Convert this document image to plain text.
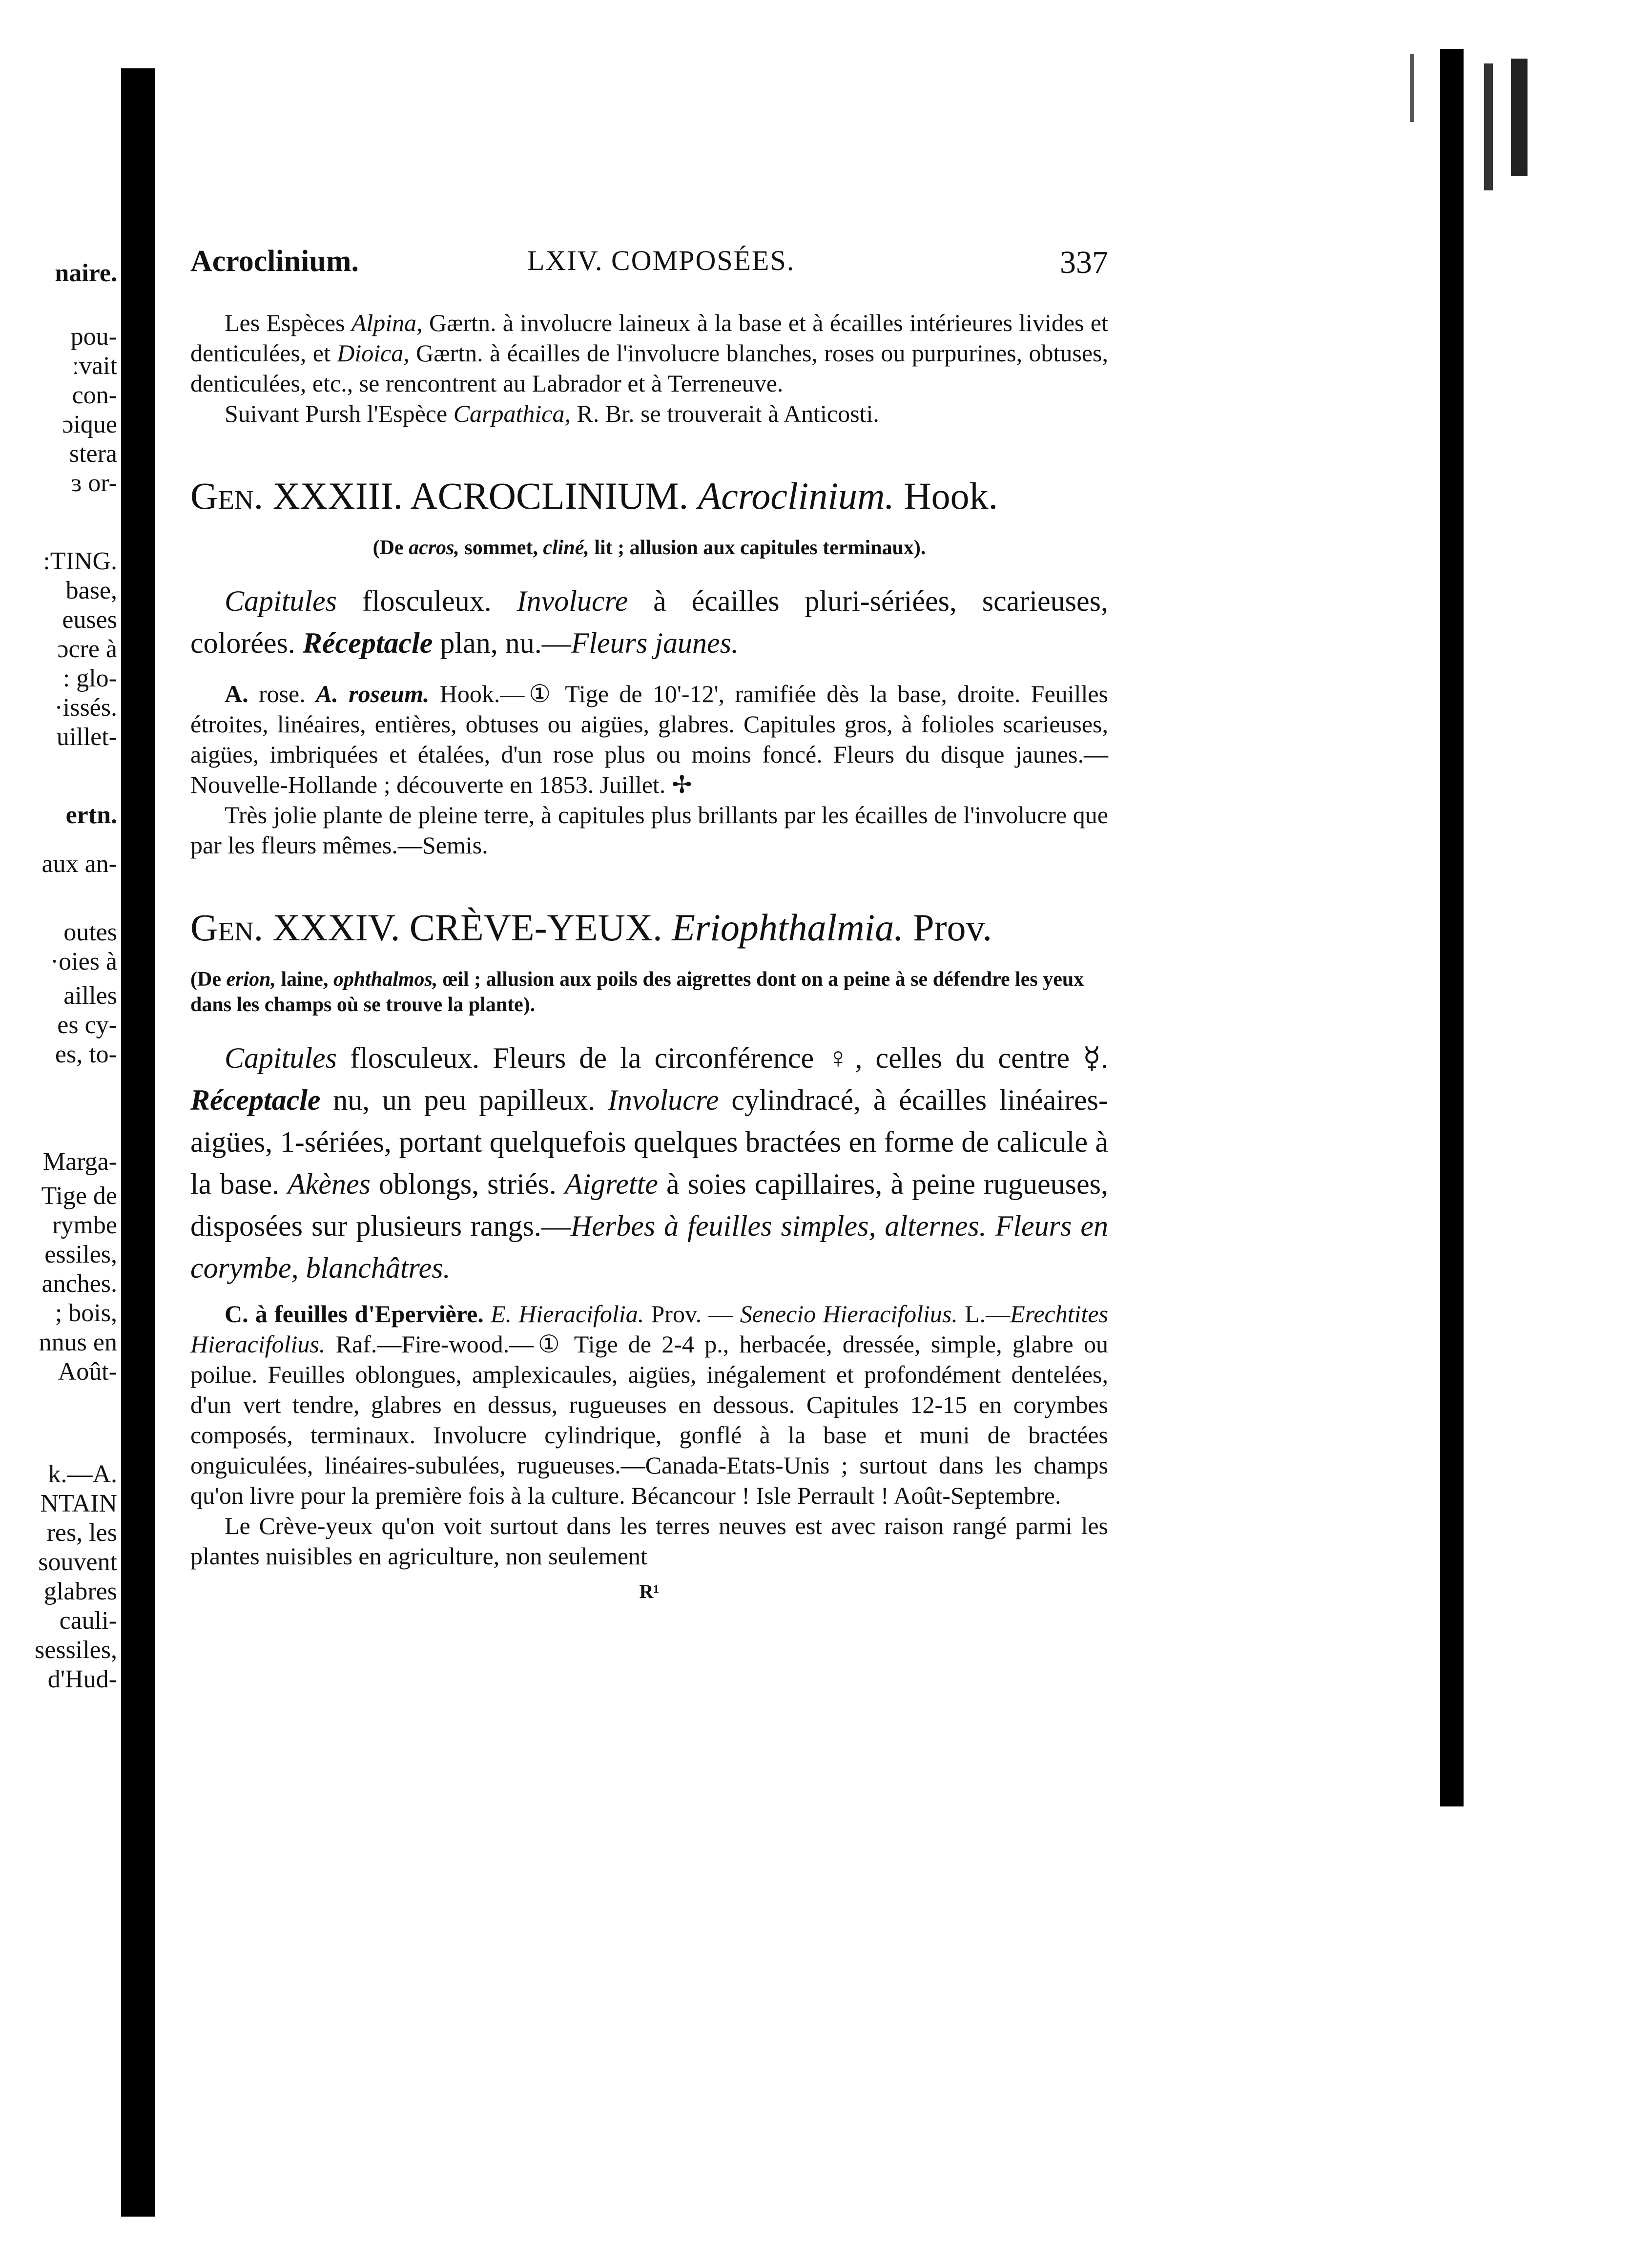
naire.
pou-
ːvait
con-
ɔique
stera
ɜ or-
:TING.
base,
euses
ɔcre à
: glo-
·issés.
uillet-
ertn.
aux an-
outes
·oies à
ailles
es cy-
es, to-
Marga-
Tige de
rymbe
essiles,
anches.
; bois,
nnus en
Août-
k.—A.
NTAIN
res, les
souvent
glabres
cauli-
sessiles,
d'Hud-
Acroclinium.	LXIV. COMPOSÉES.	337

Les Espèces Alpina, Gærtn. à involucre laineux à la base et à écailles intérieures livides et denticulées, et Dioica, Gærtn. à écailles de l'involucre blanches, roses ou purpurines, obtuses, denticulées, etc., se rencontrent au Labrador et à Terreneuve.

Suivant Pursh l'Espèce Carpathica, R. Br. se trouverait à Anticosti.

Gen. XXXIII. ACROCLINIUM. Acroclinium. Hook.

(De acros, sommet, cliné, lit ; allusion aux capitules terminaux).

Capitules flosculeux. Involucre à écailles pluri-sériées, scarieuses, colorées. Réceptacle plan, nu.—Fleurs jaunes.

A. rose. A. roseum. Hook.—① Tige de 10'-12', ramifiée dès la base, droite. Feuilles étroites, linéaires, entières, obtuses ou aigües, glabres. Capitules gros, à folioles scarieuses, aigües, imbriquées et étalées, d'un rose plus ou moins foncé. Fleurs du disque jaunes.—Nouvelle-Hollande ; découverte en 1853. Juillet. ✢

Très jolie plante de pleine terre, à capitules plus brillants par les écailles de l'involucre que par les fleurs mêmes.—Semis.

Gen. XXXIV. CRÈVE-YEUX. Eriophthalmia. Prov.

(De erion, laine, ophthalmos, œil ; allusion aux poils des aigrettes dont on a peine à se défendre les yeux dans les champs où se trouve la plante).

Capitules flosculeux. Fleurs de la circonférence ♀, celles du centre ☿. Réceptacle nu, un peu papilleux. Involucre cylindracé, à écailles linéaires-aigües, 1-sériées, portant quelquefois quelques bractées en forme de calicule à la base. Akènes oblongs, striés. Aigrette à soies capillaires, à peine rugueuses, disposées sur plusieurs rangs.—Herbes à feuilles simples, alternes. Fleurs en corymbe, blanchâtres.

C. à feuilles d'Epervière. E. Hieracifolia. Prov. — Senecio Hieracifolius. L.—Erechtites Hieracifolius. Raf.—Fire-wood.—① Tige de 2-4 p., herbacée, dressée, simple, glabre ou poilue. Feuilles oblongues, amplexicaules, aigües, inégalement et profondément dentelées, d'un vert tendre, glabres en dessus, rugueuses en dessous. Capitules 12-15 en corymbes composés, terminaux. Involucre cylindrique, gonflé à la base et muni de bractées onguiculées, linéaires-subulées, rugueuses.—Canada-Etats-Unis ; surtout dans les champs qu'on livre pour la première fois à la culture. Bécancour ! Isle Perrault ! Août-Septembre.

Le Crève-yeux qu'on voit surtout dans les terres neuves est avec raison rangé parmi les plantes nuisibles en agriculture, non seulement

R¹
